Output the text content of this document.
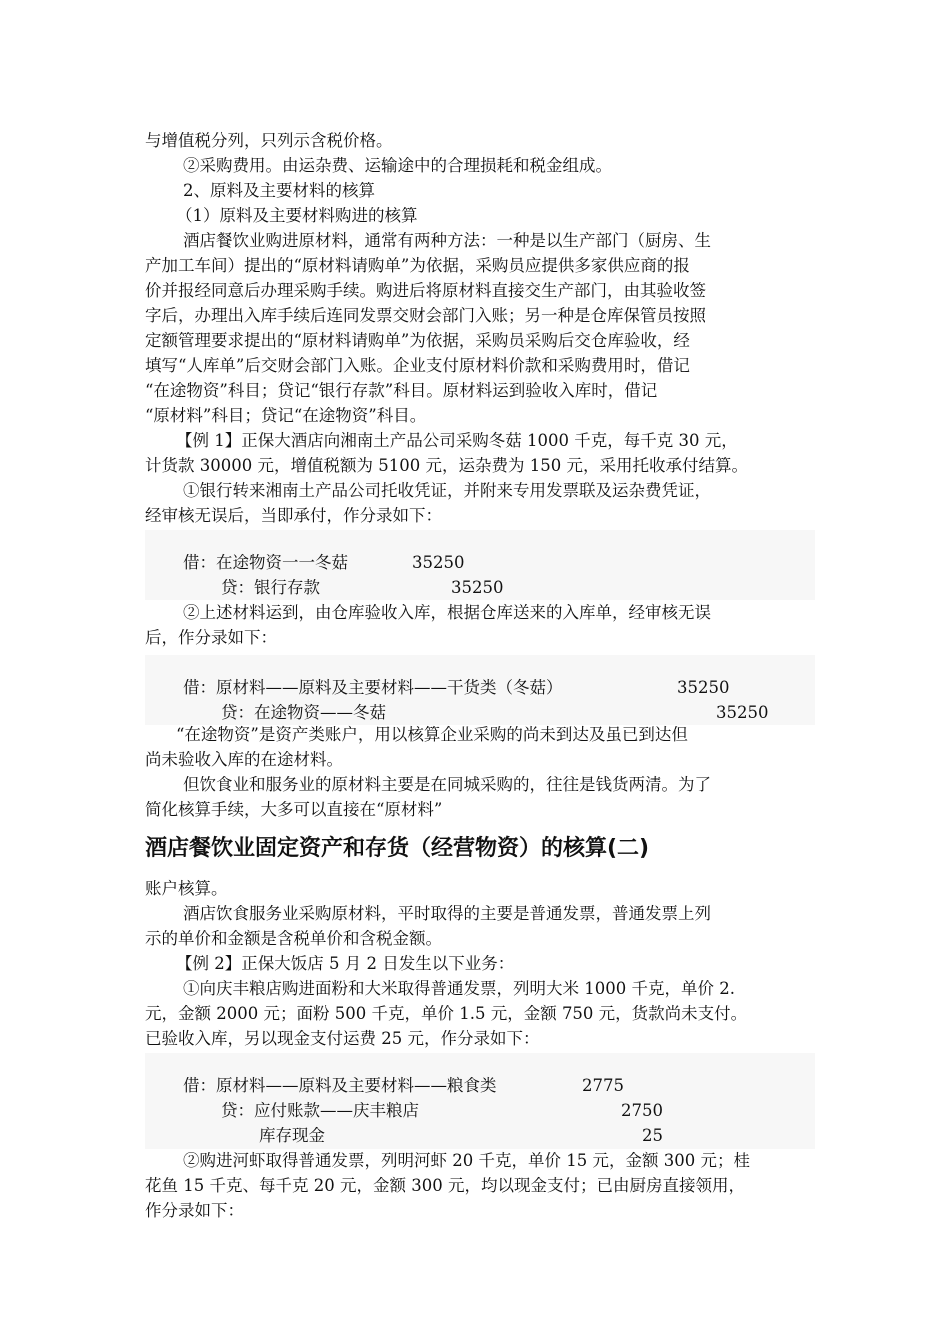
与增值税分列，只列示含税价格。
②采购费用。由运杂费、运输途中的合理损耗和税金组成。
2、原料及主要材料的核算
（1）原料及主要材料购进的核算
酒店餐饮业购进原材料，通常有两种方法：一种是以生产部门（厨房、生
产加工车间）提出的“原材料请购单”为依据，采购员应提供多家供应商的报
价并报经同意后办理采购手续。购进后将原材料直接交生产部门，由其验收签
字后，办理出入库手续后连同发票交财会部门入账；另一种是仓库保管员按照
定额管理要求提出的“原材料请购单”为依据，采购员采购后交仓库验收，经
填写“人库单”后交财会部门入账。企业支付原材料价款和采购费用时，借记
“在途物资”科目；贷记“银行存款”科目。原材料运到验收入库时，借记
“原材料”科目；贷记“在途物资”科目。
【例 1】正保大酒店向湘南土产品公司采购冬菇 1000 千克，每千克 30 元，
计货款 30000 元，增值税额为 5100 元，运杂费为 150 元，采用托收承付结算。
①银行转来湘南土产品公司托收凭证，并附来专用发票联及运杂费凭证，
经审核无误后，当即承付，作分录如下：
借：在途物资一一冬菇	35250
贷：银行存款	35250
②上述材料运到，由仓库验收入库，根据仓库送来的入库单，经审核无误
后，作分录如下：
借：原材料——原料及主要材料——干货类（冬菇）	35250
贷：在途物资——冬菇	35250
“在途物资”是资产类账户，用以核算企业采购的尚未到达及虽已到达但
尚未验收入库的在途材料。
但饮食业和服务业的原材料主要是在同城采购的，往往是钱货两清。为了
简化核算手续，大多可以直接在“原材料”
酒店餐饮业固定资产和存货（经营物资）的核算(二)
账户核算。
酒店饮食服务业采购原材料，平时取得的主要是普通发票，普通发票上列
示的单价和金额是含税单价和含税金额。
【例 2】正保大饭店 5 月 2 日发生以下业务：
①向庆丰粮店购进面粉和大米取得普通发票，列明大米 1000 千克，单价 2.
元，金额 2000 元；面粉 500 千克，单价 1.5 元，金额 750 元，货款尚未支付。
已验收入库，另以现金支付运费 25 元，作分录如下：
借：原材料——原料及主要材料——粮食类	2775
贷：应付账款——庆丰粮店	2750
库存现金	25
②购进河虾取得普通发票，列明河虾 20 千克，单价 15 元，金额 300 元；桂
花鱼 15 千克、每千克 20 元，金额 300 元，均以现金支付；已由厨房直接领用，
作分录如下：
